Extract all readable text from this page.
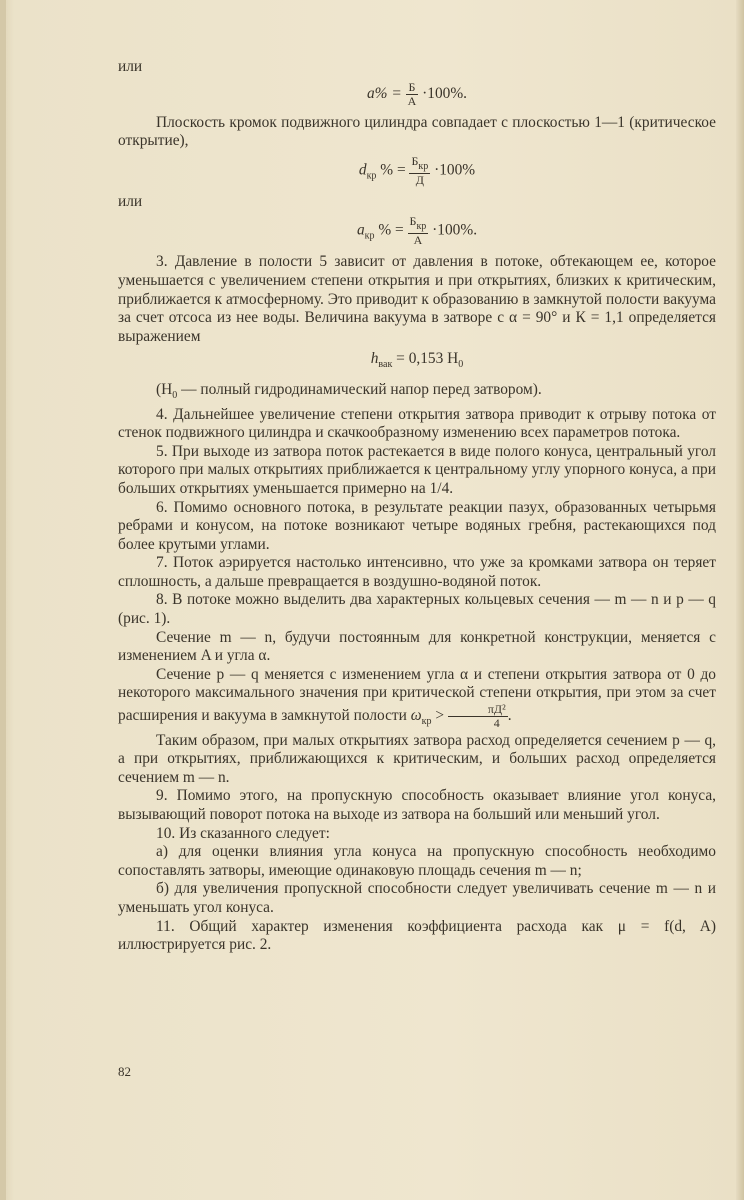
или

$a\% = \frac{Б}{А} \cdot 100\%$.

Плоскость кромок подвижного цилиндра совпадает с плоскостью 1—1 (критическое открытие),

$d_{кр}$ % = $\frac{Б_{кр}}{Д} \cdot 100\%$

или

$a_{кр}$ % = $\frac{Б_{кр}}{А} \cdot 100\%$.

3. Давление в полости 5 зависит от давления в потоке, обтекающем ее, которое уменьшается с увеличением степени открытия и при открытиях, близких к критическим, приближается к атмосферному. Это приводит к образованию в замкнутой полости вакуума за счет отсоса из нее воды. Величина вакуума в затворе с α = 90° и К = 1,1 определяется выражением

$h_{вак} = 0,153$ $H_0$

($H_0$ — полный гидродинамический напор перед затвором).

4. Дальнейшее увеличение степени открытия затвора приводит к отрыву потока от стенок подвижного цилиндра и скачкообразному изменению всех параметров потока.

5. При выходе из затвора поток растекается в виде полого конуса, центральный угол которого при малых открытиях приближается к центральному углу упорного конуса, а при больших открытиях уменьшается примерно на 1/4.

6. Помимо основного потока, в результате реакции пазух, образованных четырьмя ребрами и конусом, на потоке возникают четыре водяных гребня, растекающихся под более крутыми углами.

7. Поток аэрируется настолько интенсивно, что уже за кромками затвора он теряет сплошность, а дальше превращается в воздушно-водяной поток.

8. В потоке можно выделить два характерных кольцевых сечения — m — n и p — q (рис. 1).

Сечение m — n, будучи постоянным для конкретной конструкции, меняется с изменением A и угла α.

Сечение p — q меняется с изменением угла α и степени открытия затвора от 0 до некоторого максимального значения при критической степени открытия, при этом за счет расширения и вакуума в замкнутой полости $\omega_{кр} > \frac{\text{πД²}}{4}$ .

Таким образом, при малых открытиях затвора расход определяется сечением p — q, а при открытиях, приближающихся к критическим, и больших расход определяется сечением m — n.

9. Помимо этого, на пропускную способность оказывает влияние угол конуса, вызывающий поворот потока на выходе из затвора на больший или меньший угол.

10. Из сказанного следует:

а) для оценки влияния угла конуса на пропускную способность необходимо сопоставлять затворы, имеющие одинаковую площадь сечения m — n;

б) для увеличения пропускной способности следует увеличивать сечение m — n и уменьшать угол конуса.

11. Общий характер изменения коэффициента расхода как μ = f(d, A) иллюстрируется рис. 2.

82
